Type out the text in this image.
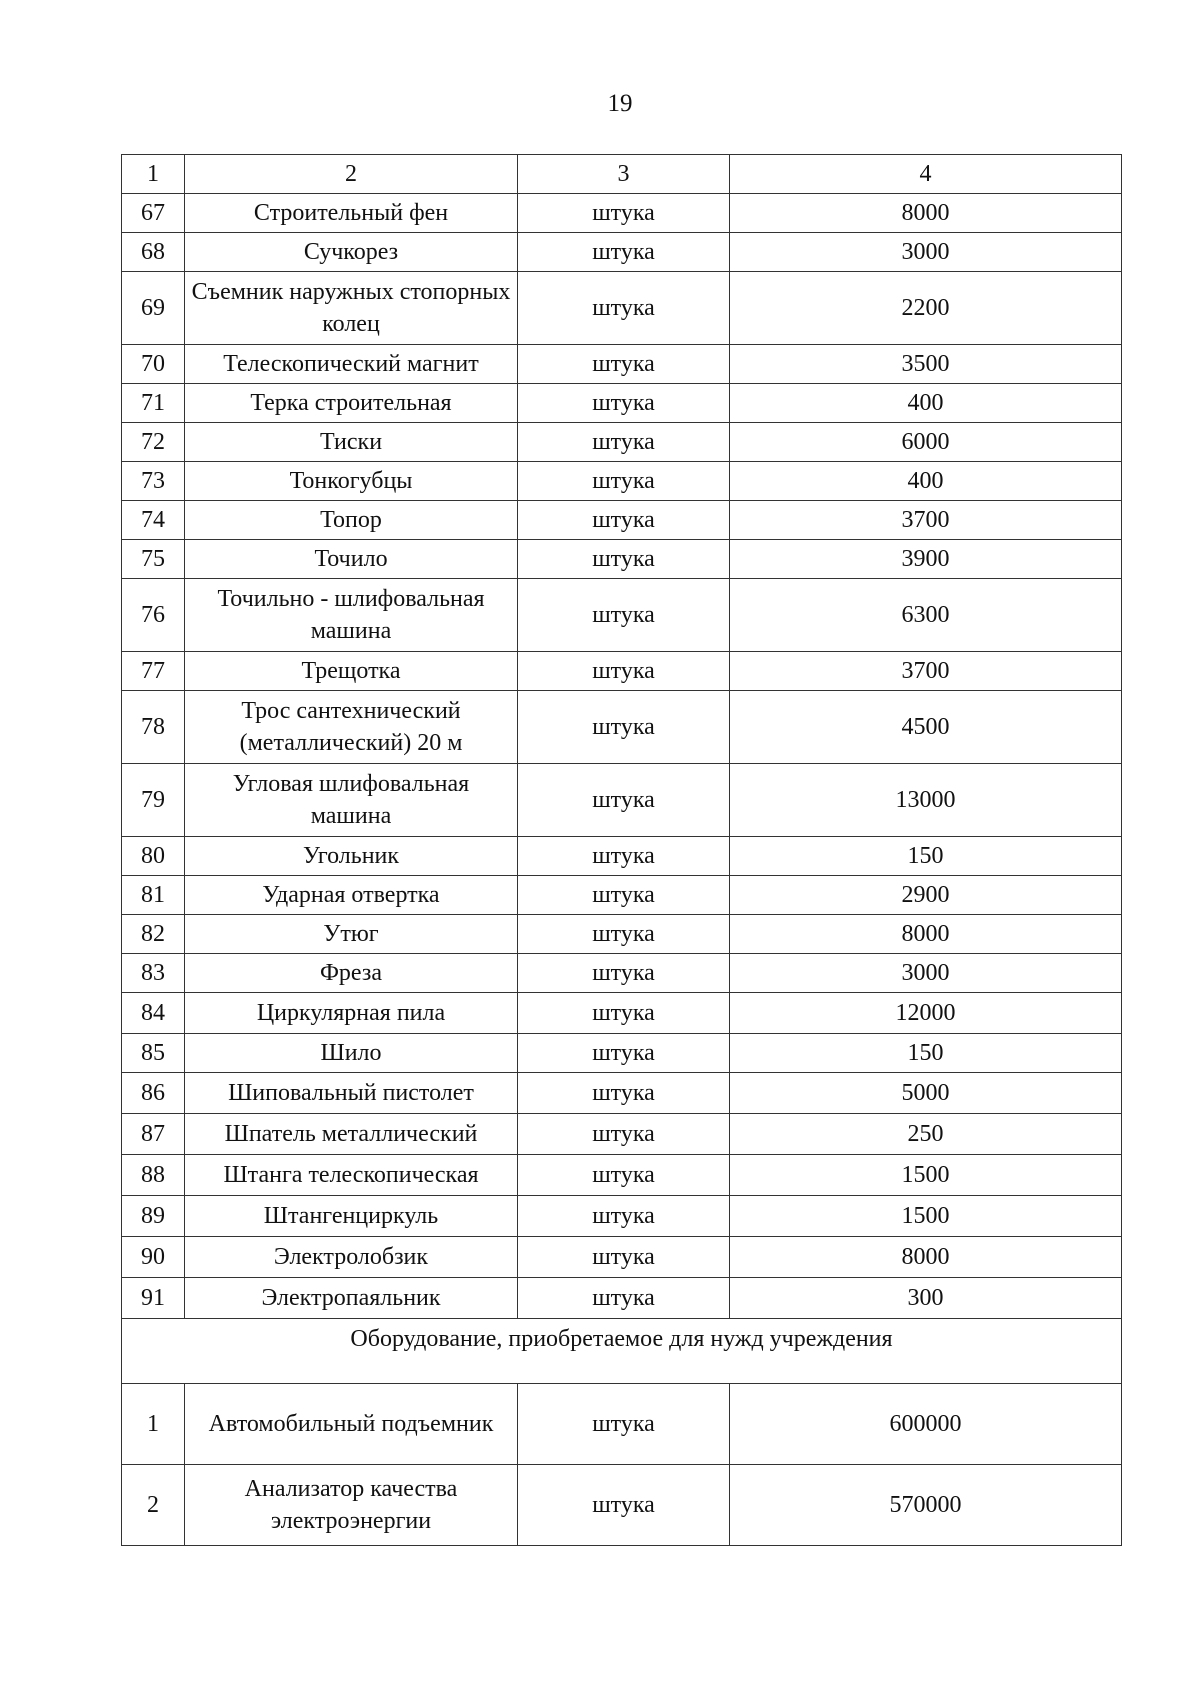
19
1	2	3	4
67	Строительный фен	штука	8000
68	Сучкорез	штука	3000
69	Съемник наружных стопорных колец	штука	2200
70	Телескопический магнит	штука	3500
71	Терка строительная	штука	400
72	Тиски	штука	6000
73	Тонкогубцы	штука	400
74	Топор	штука	3700
75	Точило	штука	3900
76	Точильно - шлифовальная машина	штука	6300
77	Трещотка	штука	3700
78	Трос сантехнический (металлический) 20 м	штука	4500
79	Угловая шлифовальная машина	штука	13000
80	Угольник	штука	150
81	Ударная отвертка	штука	2900
82	Утюг	штука	8000
83	Фреза	штука	3000
84	Циркулярная пила	штука	12000
85	Шило	штука	150
86	Шиповальный пистолет	штука	5000
87	Шпатель металлический	штука	250
88	Штанга телескопическая	штука	1500
89	Штангенциркуль	штука	1500
90	Электролобзик	штука	8000
91	Электропаяльник	штука	300
Оборудование, приобретаемое для нужд учреждения			
1	Автомобильный подъемник	штука	600000
2	Анализатор качества электроэнергии	штука	570000
